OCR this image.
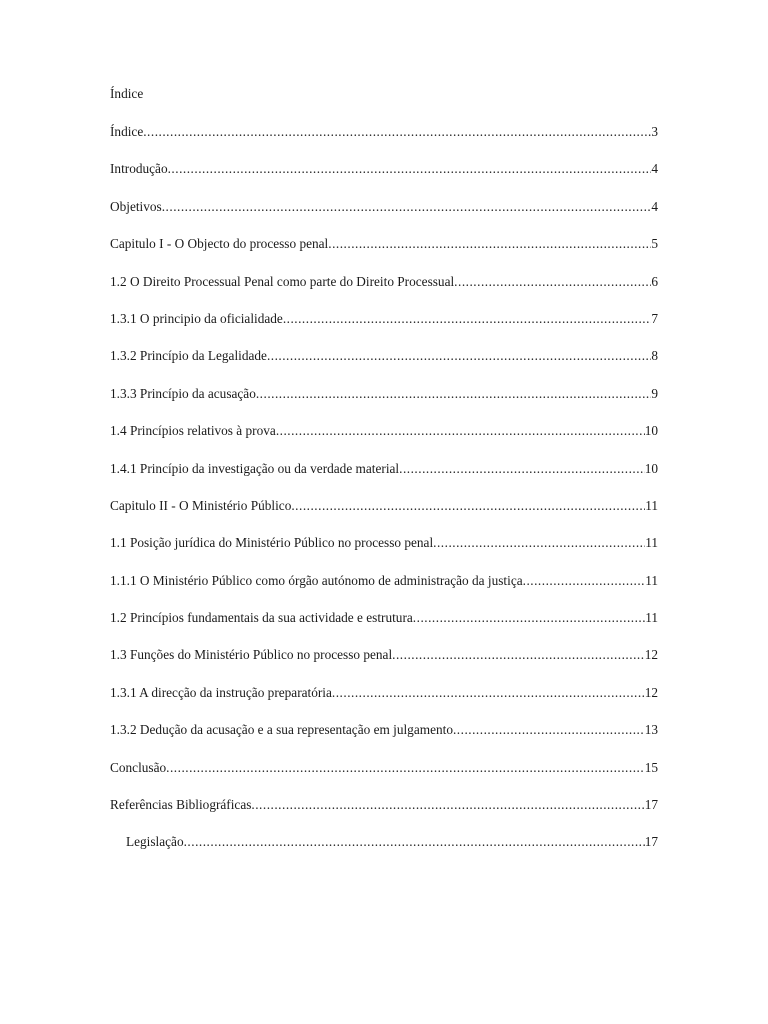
Índice
Índice .....	3
Introdução .....	4
Objetivos .....	4
Capitulo I - O Objecto do processo penal .....	5
1.2 O Direito Processual Penal como parte do Direito Processual .....	6
1.3.1 O principio da oficialidade .....	7
1.3.2 Princípio da Legalidade .....	8
1.3.3 Princípio da acusação .....	9
1.4 Princípios relativos à prova .....	10
1.4.1 Princípio da investigação ou da verdade material .....	10
Capitulo II - O Ministério Público .....	11
1.1 Posição jurídica do Ministério Público no processo penal .....	11
1.1.1 O Ministério Público como órgão autónomo de administração da justiça .....	11
1.2 Princípios fundamentais da sua actividade e estrutura .....	11
1.3 Funções do Ministério Público no processo penal .....	12
1.3.1 A direcção da instrução preparatória .....	12
1.3.2 Dedução da acusação e a sua representação em julgamento .....	13
Conclusão .....	15
Referências Bibliográficas .....	17
Legislação .....	17
